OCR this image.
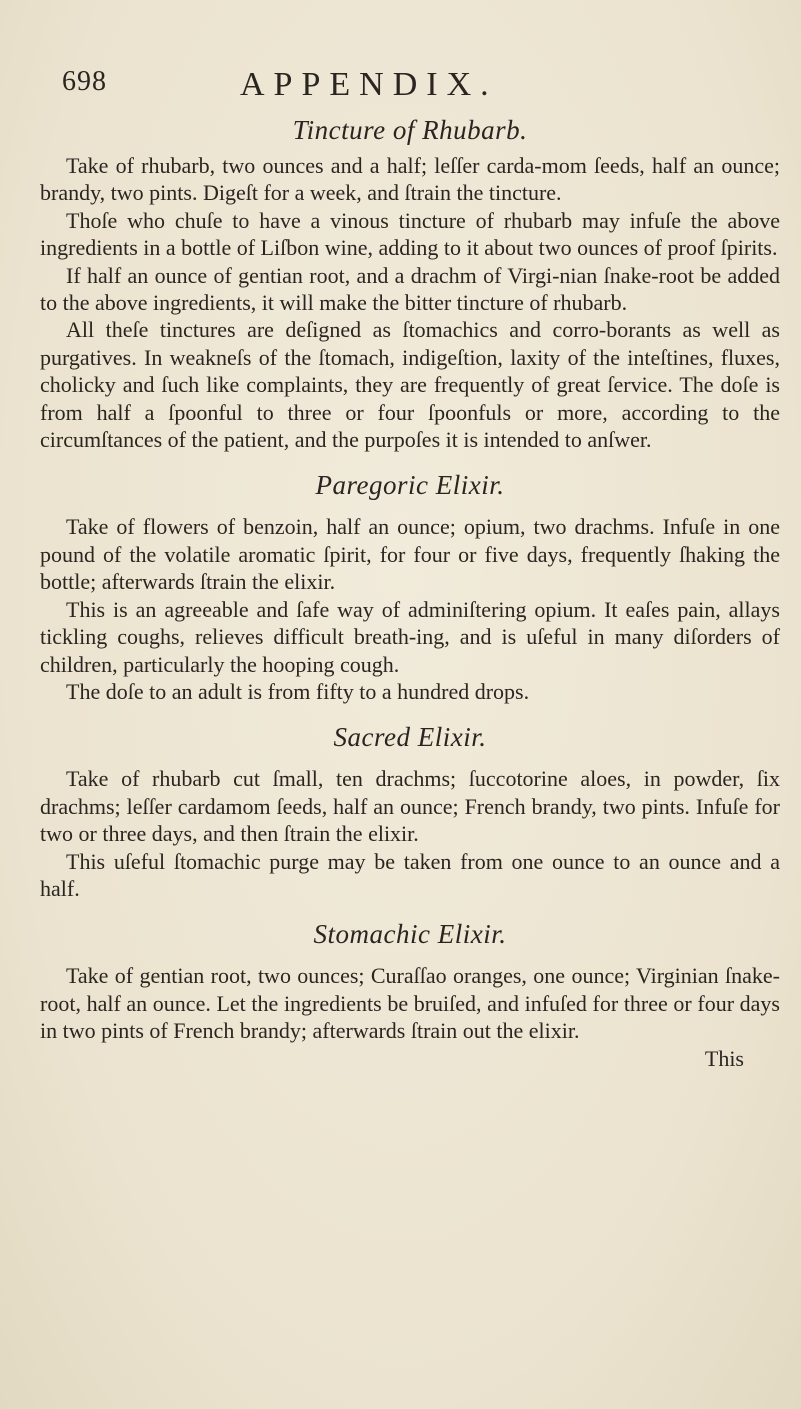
698	APPENDIX.
Tincture of Rhubarb.

Take of rhubarb, two ounces and a half; leſſer carda-mom ſeeds, half an ounce; brandy, two pints. Digeſt for a week, and ſtrain the tincture.

Thoſe who chuſe to have a vinous tincture of rhubarb may infuſe the above ingredients in a bottle of Liſbon wine, adding to it about two ounces of proof ſpirits.

If half an ounce of gentian root, and a drachm of Virgi-nian ſnake-root be added to the above ingredients, it will make the bitter tincture of rhubarb.

All theſe tinctures are deſigned as ſtomachics and corro-borants as well as purgatives. In weakneſs of the ſtomach, indigeſtion, laxity of the inteſtines, fluxes, cholicky and ſuch like complaints, they are frequently of great ſervice. The doſe is from half a ſpoonful to three or four ſpoonfuls or more, according to the circumſtances of the patient, and the purpoſes it is intended to anſwer.

Paregoric Elixir.

Take of flowers of benzoin, half an ounce; opium, two drachms. Infuſe in one pound of the volatile aromatic ſpirit, for four or five days, frequently ſhaking the bottle; afterwards ſtrain the elixir.

This is an agreeable and ſafe way of adminiſtering opium. It eaſes pain, allays tickling coughs, relieves difficult breath-ing, and is uſeful in many diſorders of children, particularly the hooping cough.

The doſe to an adult is from fifty to a hundred drops.

Sacred Elixir.

Take of rhubarb cut ſmall, ten drachms; ſuccotorine aloes, in powder, ſix drachms; leſſer cardamom ſeeds, half an ounce; French brandy, two pints. Infuſe for two or three days, and then ſtrain the elixir.

This uſeful ſtomachic purge may be taken from one ounce to an ounce and a half.

Stomachic Elixir.

Take of gentian root, two ounces; Curaſſao oranges, one ounce; Virginian ſnake-root, half an ounce. Let the ingredients be bruiſed, and infuſed for three or four days in two pints of French brandy; afterwards ſtrain out the elixir.

This
